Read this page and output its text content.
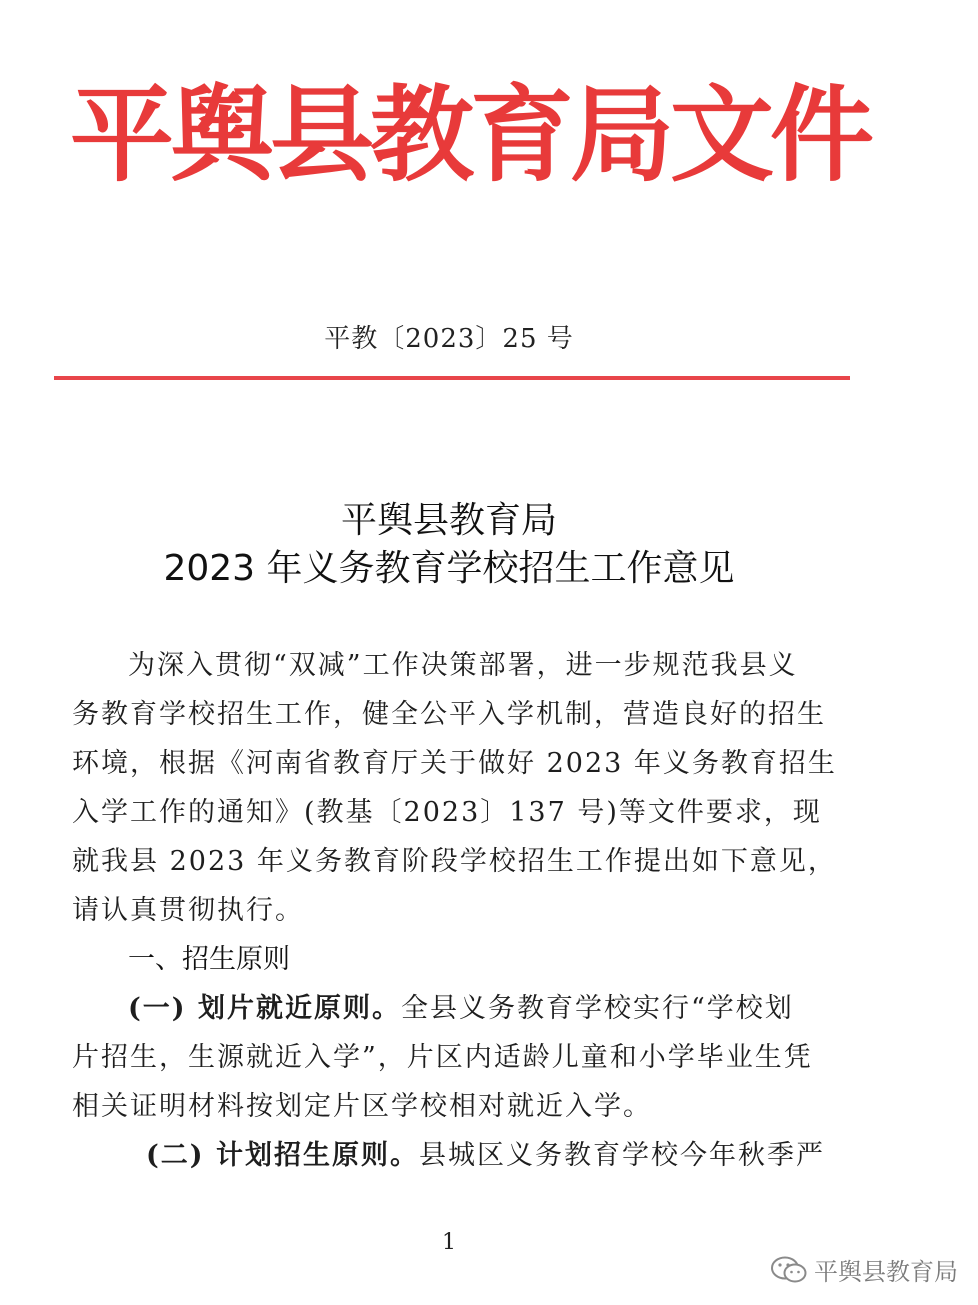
平舆县教育局文件
平教〔2023〕25 号
平舆县教育局
2023 年义务教育学校招生工作意见
为深入贯彻“双减”工作决策部署，进一步规范我县义
务教育学校招生工作，健全公平入学机制，营造良好的招生
环境，根据《河南省教育厅关于做好 2023 年义务教育招生
入学工作的通知》(教基〔2023〕137 号)等文件要求，现
就我县 2023 年义务教育阶段学校招生工作提出如下意见，
请认真贯彻执行。
一、招生原则
(一) 划片就近原则。全县义务教育学校实行“学校划
片招生，生源就近入学”，片区内适龄儿童和小学毕业生凭
相关证明材料按划定片区学校相对就近入学。
(二) 计划招生原则。县城区义务教育学校今年秋季严
1
平舆县教育局
